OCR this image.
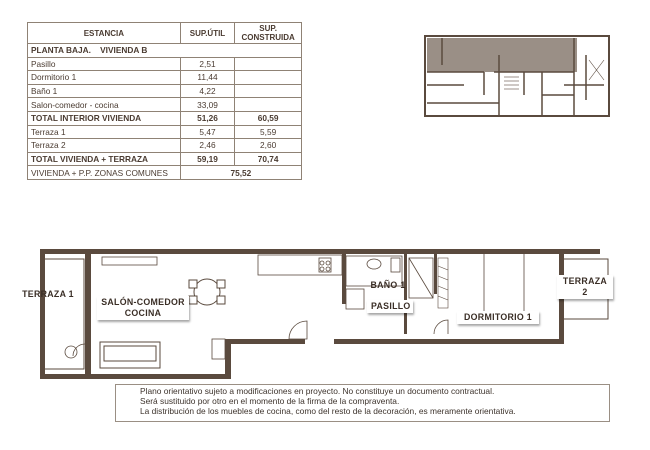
ESTANCIA	SUP.ÚTIL	SUP.
CONSTRUIDA
PLANTA BAJA.    VIVIENDA B		
Pasillo	2,51	
Dormitorio 1	11,44	
Baño 1	4,22	
Salon-comedor - cocina	33,09	
TOTAL INTERIOR VIVIENDA	51,26	60,59
Terraza 1	5,47	5,59
Terraza 2	2,46	2,60
TOTAL VIVIENDA + TERRAZA	59,19	70,74
VIVIENDA + P.P. ZONAS COMUNES	75,52	
TERRAZA 1
SALÓN-COMEDOR
COCINA
BAÑO 1
PASILLO
DORMITORIO 1
TERRAZA 2
Plano orientativo sujeto a modificaciones en proyecto. No constituye un documento contractual.
Será sustituido por otro en el momento de la firma de la compraventa.
La distribución de los muebles de cocina, como del resto de la decoración, es meramente orientativa.
